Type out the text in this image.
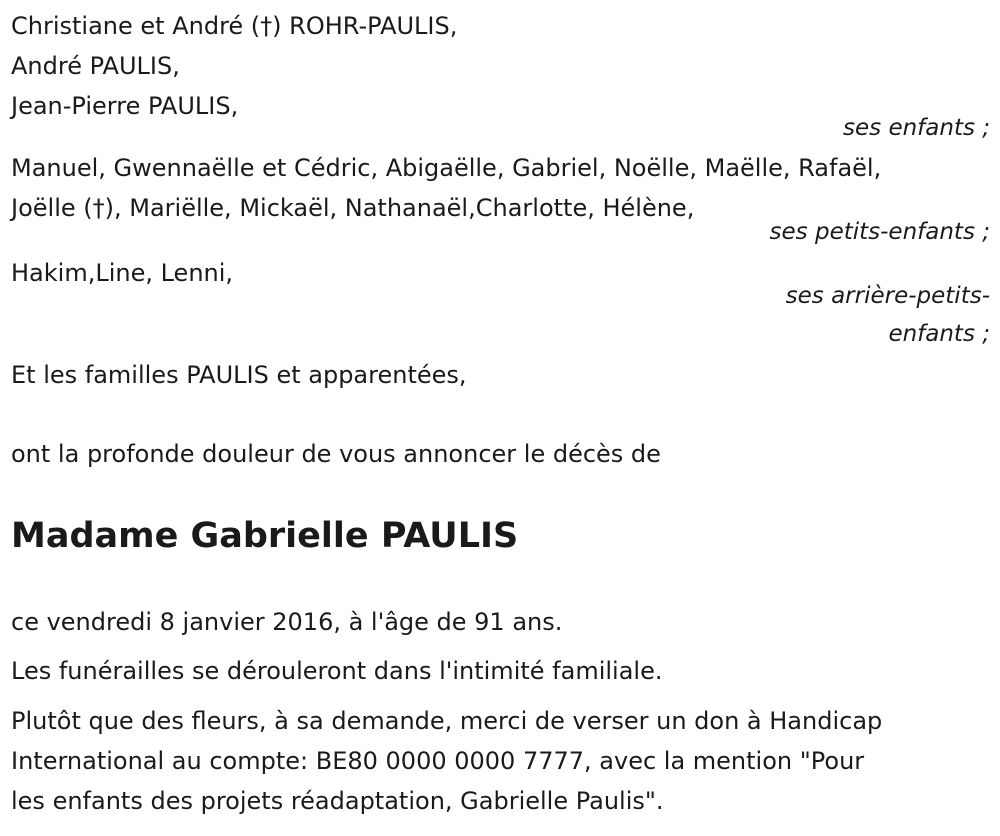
Christiane et André (†) ROHR-PAULIS,
André PAULIS,
Jean-Pierre PAULIS,
ses enfants ;
Manuel, Gwennaëlle et Cédric, Abigaëlle, Gabriel, Noëlle, Maëlle, Rafaël,
Joëlle (†), Mariëlle, Mickaël, Nathanaël,Charlotte, Hélène,
ses petits-enfants ;
Hakim,Line, Lenni,
ses arrière-petits-
enfants ;
Et les familles PAULIS et apparentées,
ont la profonde douleur de vous annoncer le décès de
Madame Gabrielle PAULIS
ce vendredi 8 janvier 2016, à l'âge de 91 ans.
Les funérailles se dérouleront dans l'intimité familiale.
Plutôt que des fleurs, à sa demande, merci de verser un don à Handicap
International au compte: BE80 0000 0000 7777, avec la mention "Pour
les enfants des projets réadaptation, Gabrielle Paulis".
